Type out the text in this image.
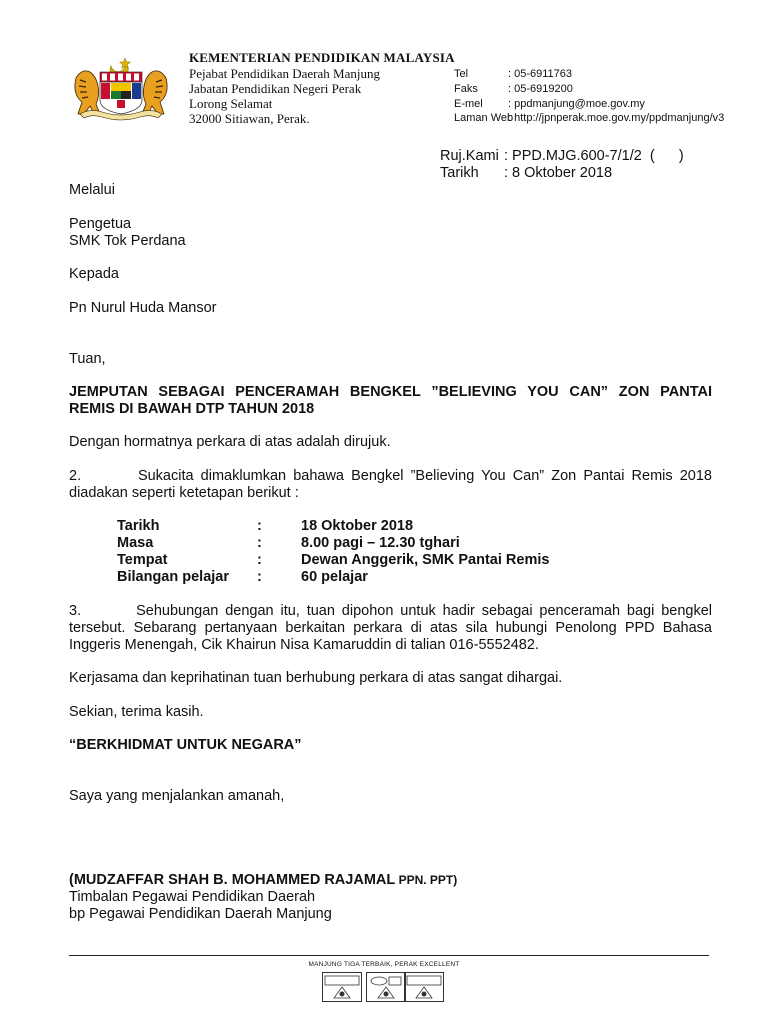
KEMENTERIAN PENDIDIKAN MALAYSIA
Pejabat Pendidikan Daerah Manjung
Jabatan Pendidikan Negeri Perak
Lorong Selamat
32000 Sitiawan, Perak.
Tel	: 05-6911763
Faks	: 05-6919200
E-mel : ppdmanjung@moe.gov.my
Laman Web
: http://jpnperak.moe.gov.my/ppdmanjung/v3
Ruj.Kami : PPD.MJG.600-7/1/2  (      )
Tarikh : 8 Oktober 2018
Melalui
Pengetua
SMK Tok Perdana
Kepada
Pn Nurul Huda Mansor
Tuan,
JEMPUTAN SEBAGAI PENCERAMAH BENGKEL ”BELIEVING YOU CAN” ZON PANTAI
REMIS DI BAWAH DTP TAHUN 2018
Dengan hormatnya perkara di atas adalah dirujuk.
2.        Sukacita dimaklumkan bahawa Bengkel ”Believing You Can” Zon Pantai Remis 2018
diadakan seperti ketetapan berikut :
Tarikh	:	18 Oktober 2018
Masa	:	8.00 pagi – 12.30 tghari
Tempat	:	Dewan Anggerik, SMK Pantai Remis
Bilangan pelajar :	60 pelajar
3.        Sehubungan dengan itu, tuan dipohon untuk hadir sebagai penceramah bagi bengkel
tersebut. Sebarang pertanyaan berkaitan perkara di atas sila hubungi Penolong PPD Bahasa
Inggeris Menengah, Cik Khairun Nisa Kamaruddin di talian 016-5552482.
Kerjasama dan keprihatinan tuan berhubung perkara di atas sangat dihargai.
Sekian, terima kasih.
“BERKHIDMAT UNTUK NEGARA”
Saya yang menjalankan amanah,
(MUDZAFFAR SHAH B. MOHAMMED RAJAMAL PPN. PPT)
Timbalan Pegawai Pendidikan Daerah
bp Pegawai Pendidikan Daerah Manjung
MANJUNG TIGA TERBAIK, PERAK EXCELLENT
